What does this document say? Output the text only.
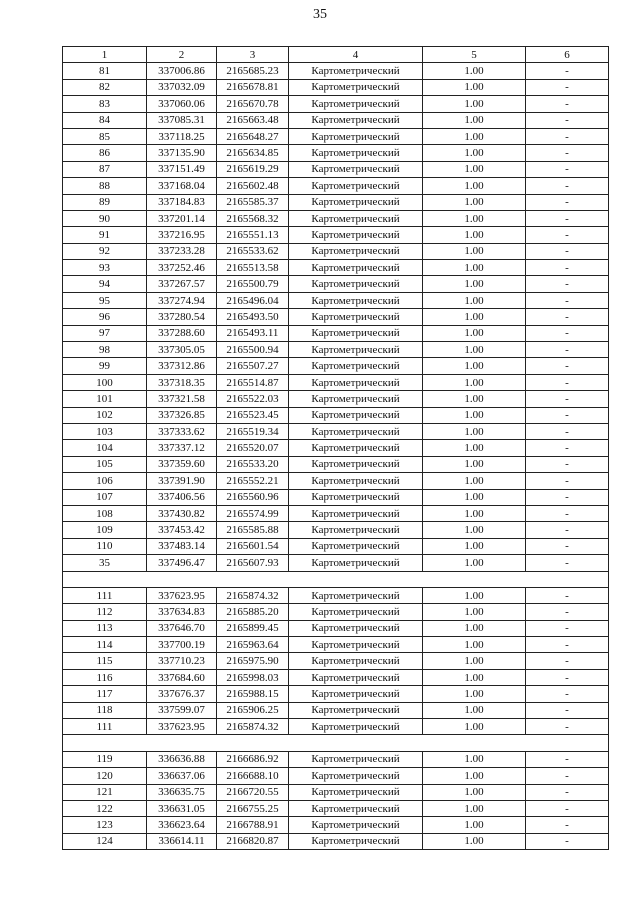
35
1	2	3	4	5	6
81	337006.86	2165685.23	Картометрический	1.00	-
82	337032.09	2165678.81	Картометрический	1.00	-
83	337060.06	2165670.78	Картометрический	1.00	-
84	337085.31	2165663.48	Картометрический	1.00	-
85	337118.25	2165648.27	Картометрический	1.00	-
86	337135.90	2165634.85	Картометрический	1.00	-
87	337151.49	2165619.29	Картометрический	1.00	-
88	337168.04	2165602.48	Картометрический	1.00	-
89	337184.83	2165585.37	Картометрический	1.00	-
90	337201.14	2165568.32	Картометрический	1.00	-
91	337216.95	2165551.13	Картометрический	1.00	-
92	337233.28	2165533.62	Картометрический	1.00	-
93	337252.46	2165513.58	Картометрический	1.00	-
94	337267.57	2165500.79	Картометрический	1.00	-
95	337274.94	2165496.04	Картометрический	1.00	-
96	337280.54	2165493.50	Картометрический	1.00	-
97	337288.60	2165493.11	Картометрический	1.00	-
98	337305.05	2165500.94	Картометрический	1.00	-
99	337312.86	2165507.27	Картометрический	1.00	-
100	337318.35	2165514.87	Картометрический	1.00	-
101	337321.58	2165522.03	Картометрический	1.00	-
102	337326.85	2165523.45	Картометрический	1.00	-
103	337333.62	2165519.34	Картометрический	1.00	-
104	337337.12	2165520.07	Картометрический	1.00	-
105	337359.60	2165533.20	Картометрический	1.00	-
106	337391.90	2165552.21	Картометрический	1.00	-
107	337406.56	2165560.96	Картометрический	1.00	-
108	337430.82	2165574.99	Картометрический	1.00	-
109	337453.42	2165585.88	Картометрический	1.00	-
110	337483.14	2165601.54	Картометрический	1.00	-
35	337496.47	2165607.93	Картометрический	1.00	-

111	337623.95	2165874.32	Картометрический	1.00	-
112	337634.83	2165885.20	Картометрический	1.00	-
113	337646.70	2165899.45	Картометрический	1.00	-
114	337700.19	2165963.64	Картометрический	1.00	-
115	337710.23	2165975.90	Картометрический	1.00	-
116	337684.60	2165998.03	Картометрический	1.00	-
117	337676.37	2165988.15	Картометрический	1.00	-
118	337599.07	2165906.25	Картометрический	1.00	-
111	337623.95	2165874.32	Картометрический	1.00	-

119	336636.88	2166686.92	Картометрический	1.00	-
120	336637.06	2166688.10	Картометрический	1.00	-
121	336635.75	2166720.55	Картометрический	1.00	-
122	336631.05	2166755.25	Картометрический	1.00	-
123	336623.64	2166788.91	Картометрический	1.00	-
124	336614.11	2166820.87	Картометрический	1.00	-
